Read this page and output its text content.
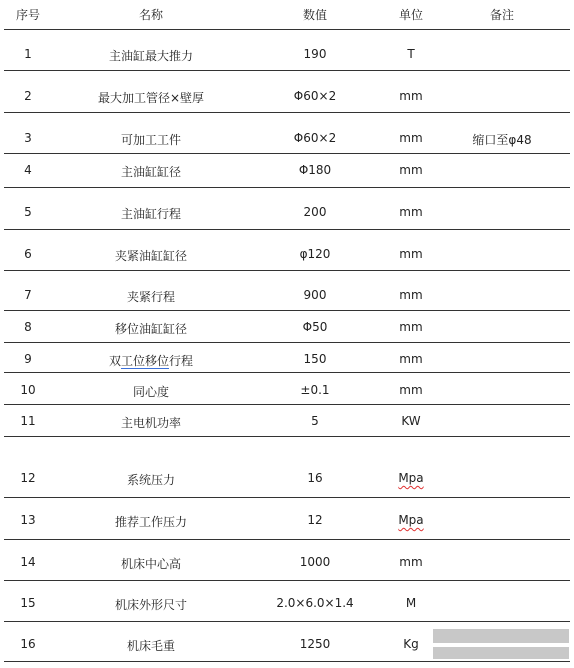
序号	名称	数值	单位	备注
1	主油缸最大推力	190	T
2	最大加工管径×壁厚	Φ60×2	mm
3	可加工工件	Φ60×2	mm	缩口至φ48
4	主油缸缸径	Φ180	mm
5	主油缸行程	200	mm
6	夹紧油缸缸径	φ120	mm
7	夹紧行程	900	mm
8	移位油缸缸径	Φ50	mm
9	双工位移位行程	150	mm
10	同心度	±0.1	mm
11	主电机功率	5	KW
12	系统压力	16	Mpa
13	推荐工作压力	12	Mpa
14	机床中心高	1000	mm
15	机床外形尺寸	2.0×6.0×1.4	M
16	机床毛重	1250	Kg
